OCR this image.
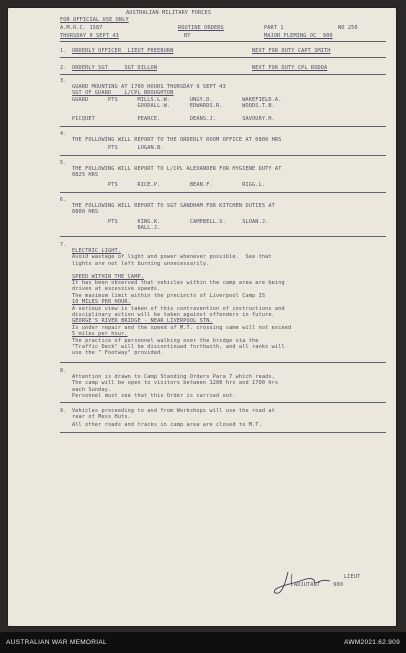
AUSTRALIAN MILITARY FORCES
FOR OFFICIAL USE ONLY
A.M.R.C. 1587	ROUTINE ORDERS	PART 1	NO 250
THURSDAY 9 SEPT 43	BY	MAJOR FLEMING OC  900
1. ORDERLY OFFICER  LIEUT FREEBURN	NEXT FOR DUTY CAPT SMITH
2. ORDERLY SGT     SGT DILLON	NEXT FOR DUTY CPL RODDA
3.
GUARD MOUNTING AT 1700 HOURS THURSDAY 9 SEPT 43
SGT OF GUARD    L/CPL BROUGHTON
GUARD      PTS      MILLS.L.W.      UNGY.D.         WAKEFIELD.A.
GOODALL.W.      EDWARDS.R.      WOODS.T.B.
PICQUET             PEARCE.         DEANS.J.        SAVOURY.H.
4.
THE FOLLOWING WILL REPORT TO THE ORDERLY ROOM OFFICE AT 0800 HRS
PTS      LOGAN.B.
5.
THE FOLLOWING WILL REPORT TO L/CPL ALEXANDER FOR HYGIENE DUTY AT
0825 HRS
PTS      RICE.P.         BEAN.F.         RIGG.L.
6.
THE FOLLOWING WILL REPORT TO SGT SANDHAM FOR KITCHEN DUTIES AT
0800 HRS
PTS      KING.K.         CAMPBELL.S.     SLOAN.J.
BALL.J.
7.
ELECTRIC LIGHT.
Avoid wastage of light and power whenever possible.  See that
lights are not left burning unnecessarily.
SPEED WITHIN THE CAMP.
It has been observed that vehicles within the camp area are being
driven at excessive speeds.
The maximum limit within the precincts of Liverpool Camp IS
10 MILES PER HOUR.
A serious view is taken of this contravention of instructions and
disciplinary action will be taken against offenders in future.
GEORGE'S RIVER BRIDGE - NEAR LIVERPOOL STN.
Is under repair and the speed of M.T. crossing same will not exceed
5 miles per hour.
The practice of personnel walking over the bridge via the
"Traffic Deck" will be discontinued forthwith, and all ranks will
use the " Footway" provided.
8.
Attention is drawn to Camp Standing Orders Para 7 which reads,
The camp will be open to visitors between 1200 hrs and 1700 hrs
each Sunday.
Personnel must see that this Order is carried out.
9. Vehicles proceeding to and from Workshops will use the road at
rear of Mess Huts.
All other roads and tracks in camp area are closed to M.T.
LIEUT
ADJUTANT    900
AUSTRALIAN WAR MEMORIAL	AWM2021.62.909
